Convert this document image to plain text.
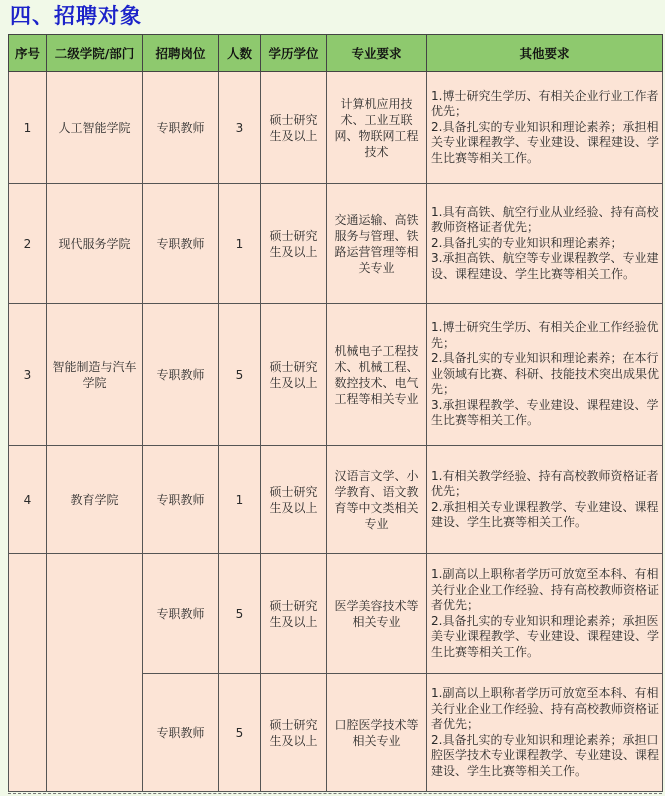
四、招聘对象
序号	二级学院/部门	招聘岗位	人数	学历学位	专业要求	其他要求
1	人工智能学院	专职教师	3	硕士研究生及以上	计算机应用技术、工业互联网、物联网工程技术	1.博士研究生学历、有相关企业行业工作者优先；
2.具备扎实的专业知识和理论素养；承担相关专业课程教学、专业建设、课程建设、学生比赛等相关工作。

2	现代服务学院	专职教师	1	硕士研究生及以上	交通运输、高铁服务与管理、铁路运营管理等相关专业	1.具有高铁、航空行业从业经验、持有高校教师资格证者优先；
2.具备扎实的专业知识和理论素养；
3.承担高铁、航空等专业课程教学、专业建设、课程建设、学生比赛等相关工作。

3	智能制造与汽车学院	专职教师	5	硕士研究生及以上	机械电子工程技术、机械工程、数控技术、电气工程等相关专业	1.博士研究生学历、有相关企业工作经验优先；
2.具备扎实的专业知识和理论素养；在本行业领域有比赛、科研、技能技术突出成果优先；
3.承担课程教学、专业建设、课程建设、学生比赛等相关工作。

4	教育学院	专职教师	1	硕士研究生及以上	汉语言文学、小学教育、语文教育等中文类相关专业	1.有相关教学经验、持有高校教师资格证者优先；
2.承担相关专业课程教学、专业建设、课程建设、学生比赛等相关工作。

		专职教师	5	硕士研究生及以上	医学美容技术等相关专业	1.副高以上职称者学历可放宽至本科、有相关行业企业工作经验、持有高校教师资格证者优先；
2.具备扎实的专业知识和理论素养；承担医美专业课程教学、专业建设、课程建设、学生比赛等相关工作。

		专职教师	5	硕士研究生及以上	口腔医学技术等相关专业	1.副高以上职称者学历可放宽至本科、有相关行业企业工作经验、持有高校教师资格证者优先；
2.具备扎实的专业知识和理论素养；承担口腔医学技术专业课程教学、专业建设、课程建设、学生比赛等相关工作。
